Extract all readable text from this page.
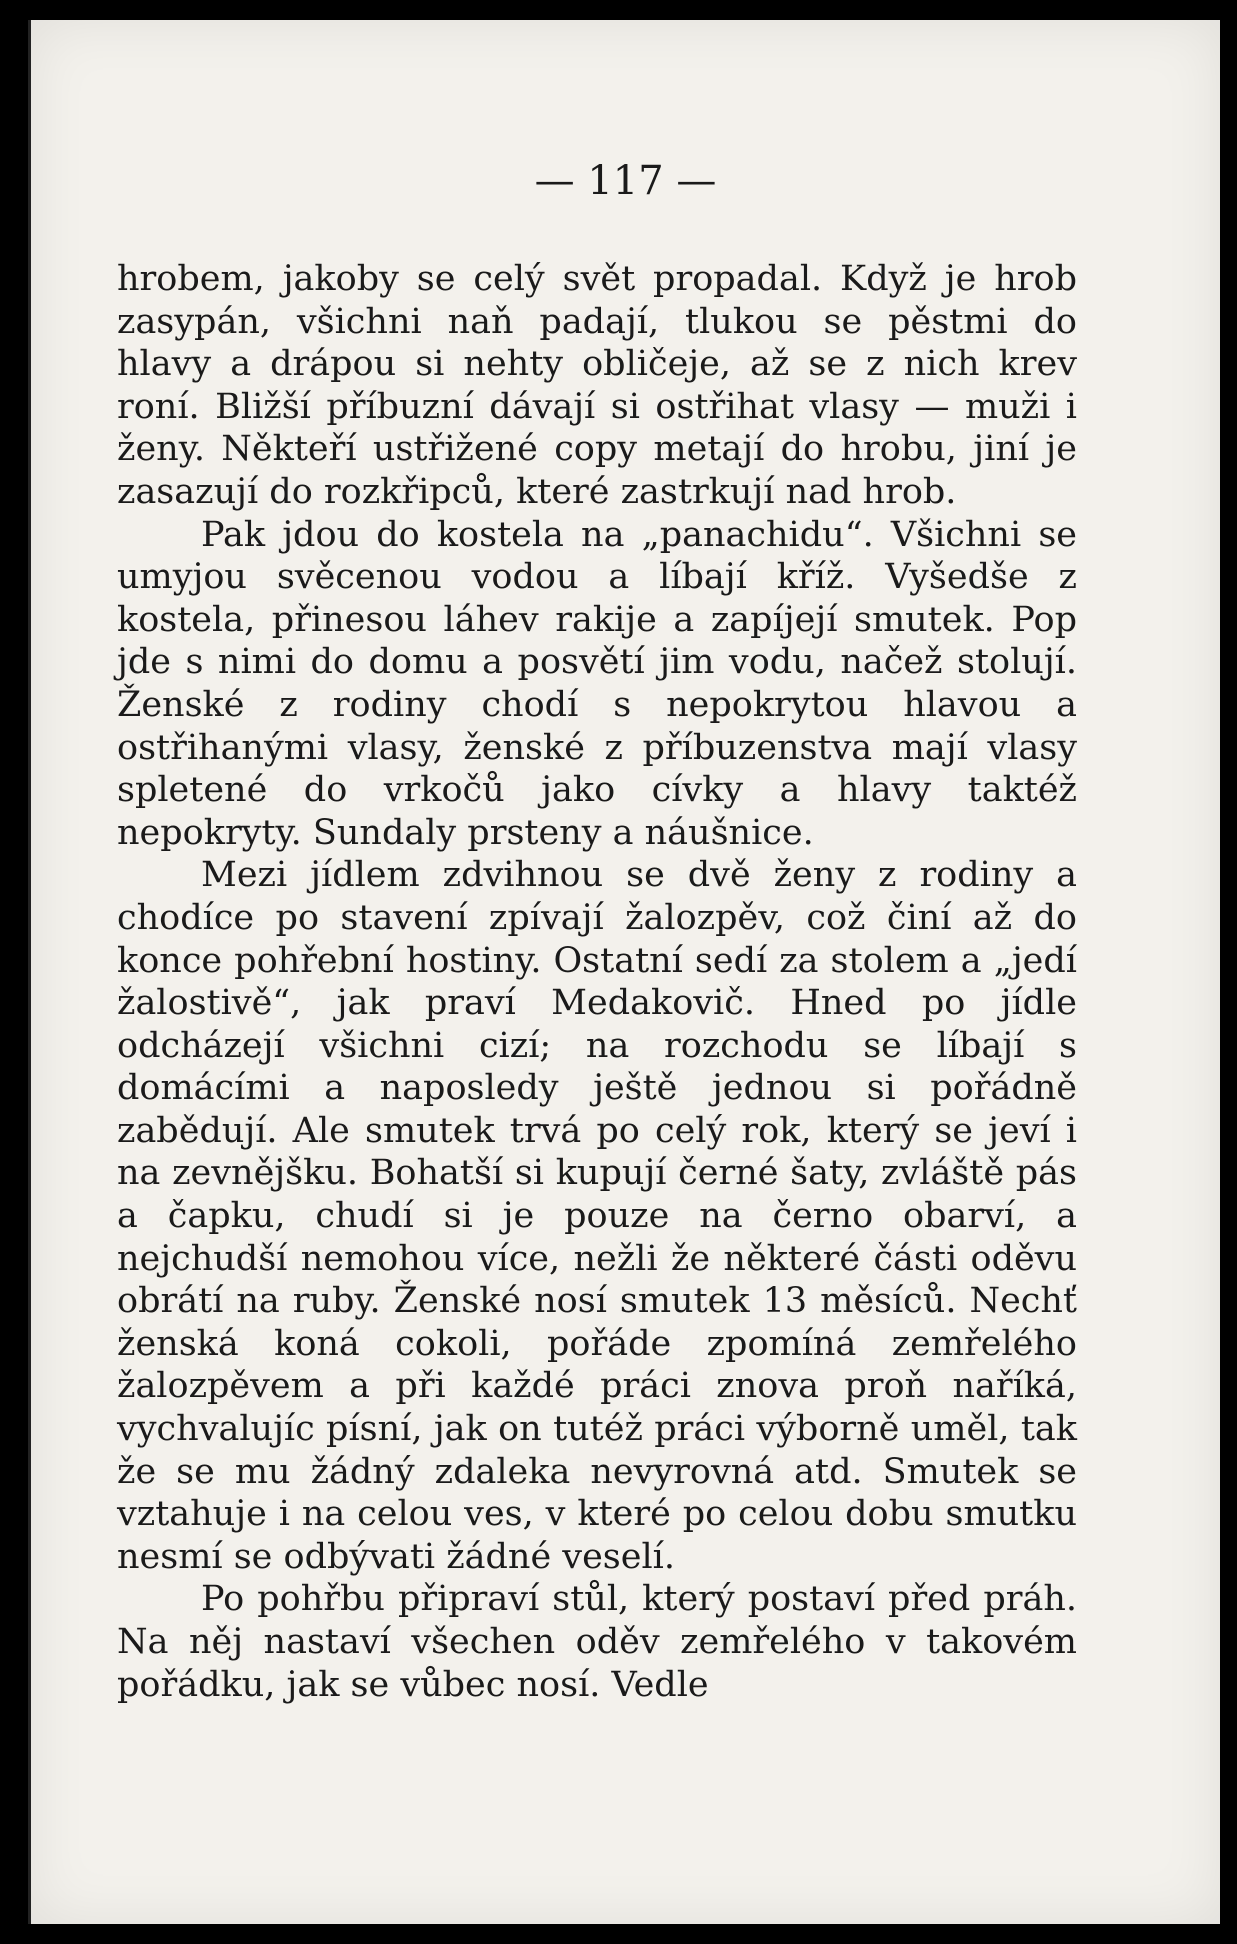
— 117 —

hrobem, jakoby se celý svět propadal. Když je hrob zasypán, všichni naň padají, tlukou se pěstmi do hlavy a drápou si nehty obličeje, až se z nich krev roní. Bližší příbuzní dávají si ostřihat vlasy — muži i ženy. Někteří ustřižené copy metají do hrobu, jiní je zasazují do rozkřipců, které zastrkují nad hrob.

Pak jdou do kostela na „panachidu“. Všichni se umyjou svěcenou vodou a líbají kříž. Vyšedše z kostela, přinesou láhev rakije a zapíjejí smutek. Pop jde s nimi do domu a posvětí jim vodu, načež stolují. Ženské z rodiny chodí s nepokrytou hlavou a ostřihanými vlasy, ženské z příbuzenstva mají vlasy spletené do vrkočů jako cívky a hlavy taktéž nepokryty. Sundaly prsteny a náušnice.

Mezi jídlem zdvihnou se dvě ženy z rodiny a chodíce po stavení zpívají žalozpěv, což činí až do konce pohřební hostiny. Ostatní sedí za stolem a „jedí žalostivě“, jak praví Medakovič. Hned po jídle odcházejí všichni cizí; na rozchodu se líbají s domácími a naposledy ještě jednou si pořádně zabědují. Ale smutek trvá po celý rok, který se jeví i na zevnějšku. Bohatší si kupují černé šaty, zvláště pás a čapku, chudí si je pouze na černo obarví, a nejchudší nemohou více, nežli že některé části oděvu obrátí na ruby. Ženské nosí smutek 13 měsíců. Nechť ženská koná cokoli, pořáde zpomíná zemřelého žalozpěvem a při každé práci znova proň naříká, vychvalujíc písní, jak on tutéž práci výborně uměl, tak že se mu žádný zdaleka nevyrovná atd. Smutek se vztahuje i na celou ves, v které po celou dobu smutku nesmí se odbývati žádné veselí.

Po pohřbu připraví stůl, který postaví před práh. Na něj nastaví všechen oděv zemřelého v takovém pořádku, jak se vůbec nosí. Vedle
